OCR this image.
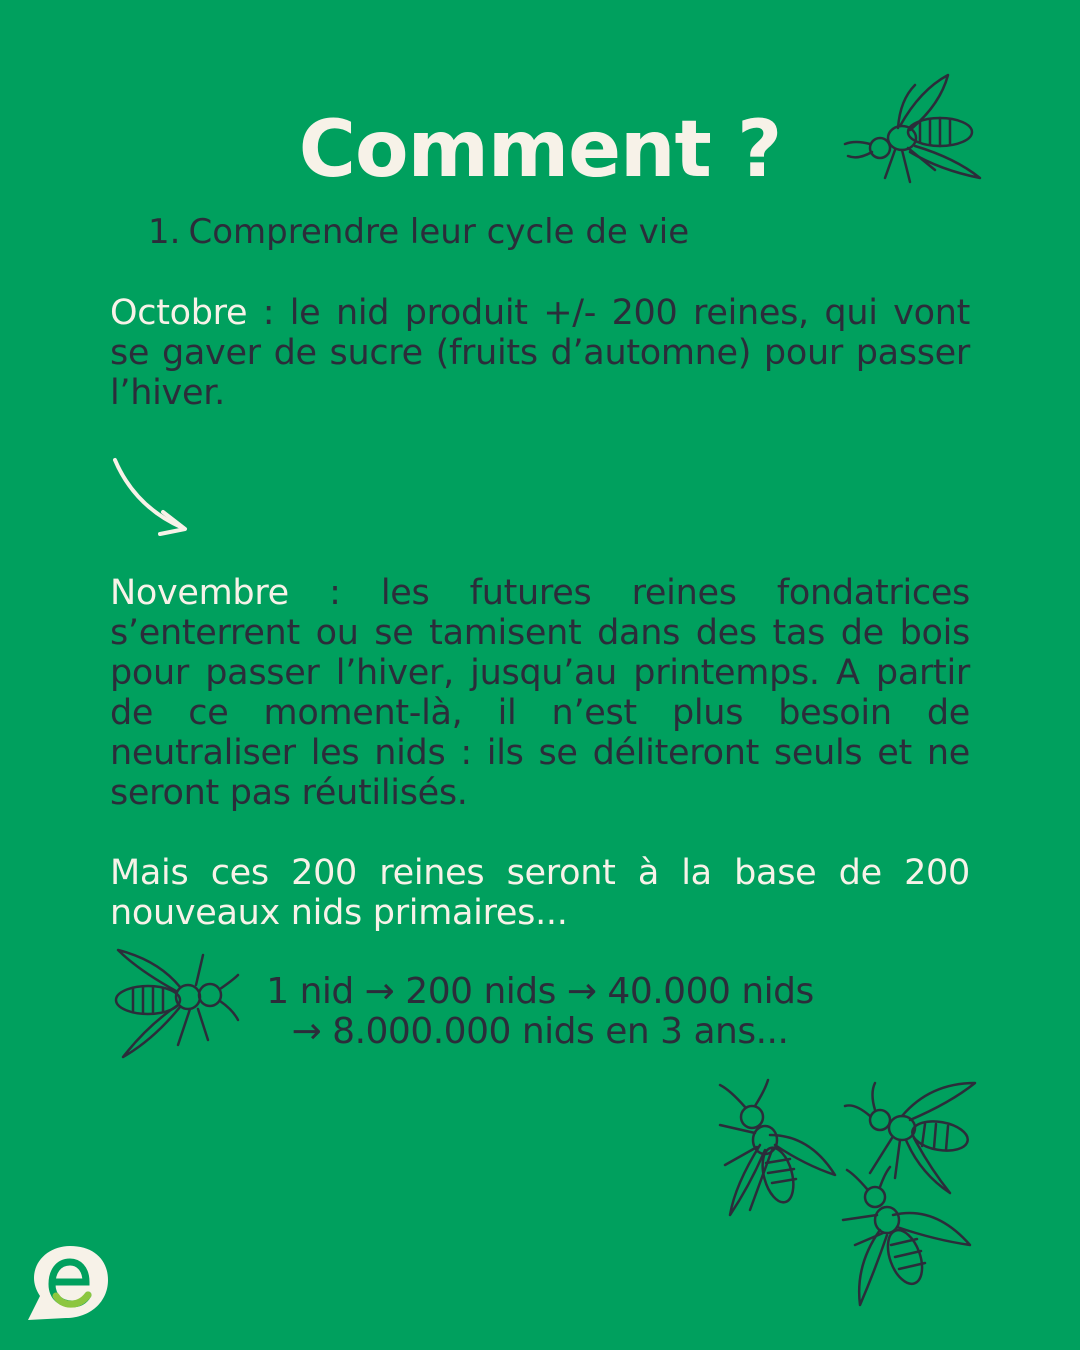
Comment ?
1. Comprendre leur cycle de vie

Octobre : le nid produit +/- 200 reines, qui vont se gaver de sucre (fruits d’automne) pour passer l’hiver.

Novembre : les futures reines fondatrices s’enterrent ou se tamisent dans des tas de bois pour passer l’hiver, jusqu’au printemps. A partir de ce moment-là, il n’est plus besoin de neutraliser les nids : ils se déliteront seuls et ne seront pas réutilisés.

Mais ces 200 reines seront à la base de 200 nouveaux nids primaires...

1 nid → 200 nids → 40.000 nids
→ 8.000.000 nids en 3 ans...
